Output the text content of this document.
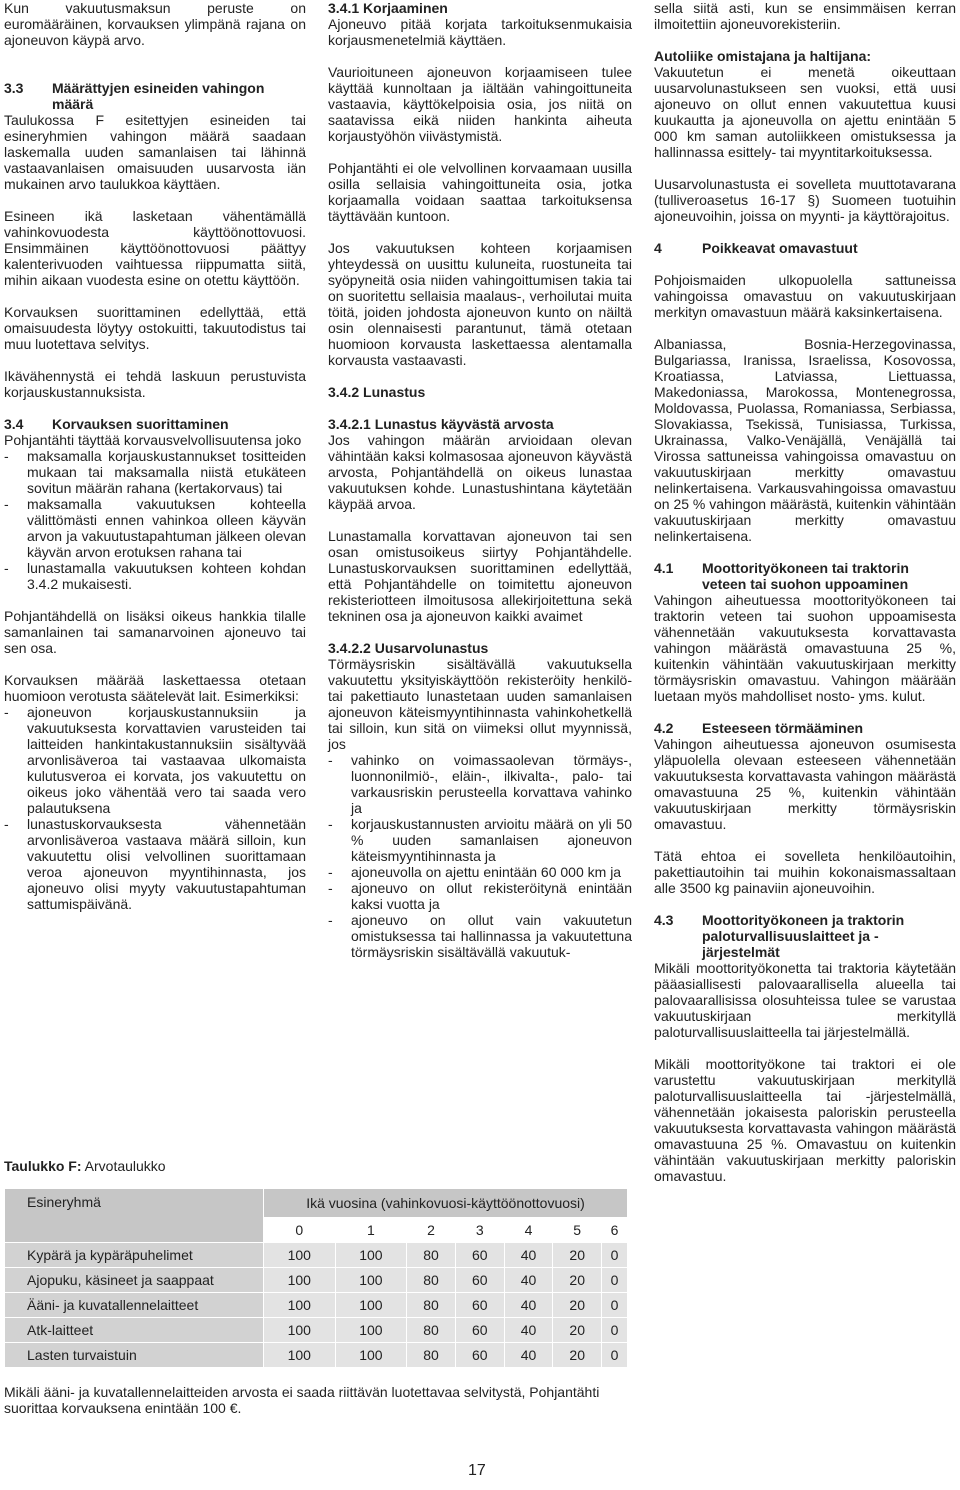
Kun vakuutusmaksun peruste on euromääräinen, korvauksen ylimpänä rajana on ajoneuvon käypä arvo.

3.3	Määrättyjen esineiden vahingon määrä

Taulukossa F esitettyjen esineiden tai esineryhmien vahingon määrä saadaan laskemalla uuden samanlaisen tai lähinnä vastaavanlaisen omaisuuden uusarvosta iän mukainen arvo taulukkoa käyttäen.

Esineen ikä lasketaan vähentämällä vahinkovuodesta käyttöönottovuosi. Ensimmäinen käyttöönottovuosi päättyy kalenterivuoden vaihtuessa riippumatta siitä, mihin aikaan vuodesta esine on otettu käyttöön.

Korvauksen suorittaminen edellyttää, että omaisuudesta löytyy ostokuitti, takuutodistus tai muu luotettava selvitys.

Ikävähennystä ei tehdä laskuun perustuvista korjauskustannuksista.

3.4	Korvauksen suorittaminen

Pohjantähti täyttää korvausvelvollisuutensa joko

- maksamalla korjauskustannukset tositteiden mukaan tai maksamalla niistä etukäteen sovitun määrän rahana (kertakorvaus) tai
- maksamalla vakuutuksen kohteella välittömästi ennen vahinkoa olleen käyvän arvon ja vakuutustapahtuman jälkeen olevan käyvän arvon erotuksen rahana tai
- lunastamalla vakuutuksen kohteen kohdan 3.4.2 mukaisesti.

Pohjantähdellä on lisäksi oikeus hankkia tilalle samanlainen tai samanarvoinen ajoneuvo tai sen osa.

Korvauksen määrää laskettaessa otetaan huomioon verotusta säätelevät lait. Esimerkiksi:

- ajoneuvon korjauskustannuksiin ja vakuutuksesta korvattavien varusteiden tai laitteiden hankintakustannuksiin sisältyvää arvonlisäveroa tai vastaavaa ulkomaista kulutusveroa ei korvata, jos vakuutettu on oikeus joko vähentää vero tai saada vero palautuksena
- lunastuskorvauksesta vähennetään arvonlisäveroa vastaava määrä silloin, kun vakuutettu olisi velvollinen suorittamaan veroa ajoneuvon myyntihinnasta, jos ajoneuvo olisi myyty vakuutustapahtuman sattumispäivänä.
3.4.1 Korjaaminen

Ajoneuvo pitää korjata tarkoituksenmukaisia korjausmenetelmiä käyttäen.

Vaurioituneen ajoneuvon korjaamiseen tulee käyttää kunnoltaan ja iältään vahingoittuneita vastaavia, käyttökelpoisia osia, jos niitä on saatavissa eikä niiden hankinta aiheuta korjaustyöhön viivästymistä.

Pohjantähti ei ole velvollinen korvaamaan uusilla osilla sellaisia vahingoittuneita osia, jotka korjaamalla voidaan saattaa tarkoituksensa täyttävään kuntoon.

Jos vakuutuksen kohteen korjaamisen yhteydessä on uusittu kuluneita, ruostuneita tai syöpyneitä osia niiden vahingoittumisen takia tai on suoritettu sellaisia maalaus-, verhoilutai muita töitä, joiden johdosta ajoneuvon kunto on näiltä osin olennaisesti parantunut, tämä otetaan huomioon korvausta laskettaessa alentamalla korvausta vastaavasti.

3.4.2 Lunastus
3.4.2.1 Lunastus käyvästä arvosta

Jos vahingon määrän arvioidaan olevan vähintään kaksi kolmasosaa ajoneuvon käyvästä arvosta, Pohjantähdellä on oikeus lunastaa vakuutuksen kohde. Lunastushintana käytetään käypää arvoa.

Lunastamalla korvattavan ajoneuvon tai sen osan omistusoikeus siirtyy Pohjantähdelle. Lunastuskorvauksen suorittaminen edellyttää, että Pohjantähdelle on toimitettu ajoneuvon rekisteriotteen ilmoitusosa allekirjoitettuna sekä tekninen osa ja ajoneuvon kaikki avaimet

3.4.2.2 Uusarvolunastus

Törmäysriskin sisältävällä vakuutuksella vakuutettu yksityiskäyttöön rekisteröity henkilö- tai pakettiauto lunastetaan uuden samanlaisen ajoneuvon käteismyyntihinnasta vahinkohetkellä tai silloin, kun sitä on viimeksi ollut myynnissä, jos

- vahinko on voimassaolevan törmäys-, luonnonilmiö-, eläin-, ilkivalta-, palo- tai varkausriskin perusteella korvattava vahinko ja
- korjauskustannusten arvioitu määrä on yli 50 % uuden samanlaisen ajoneuvon käteismyyntihinnasta ja
- ajoneuvolla on ajettu enintään 60 000 km ja
- ajoneuvo on ollut rekisteröitynä enintään kaksi vuotta ja
- ajoneuvo on ollut vain vakuutetun omistuksessa tai hallinnassa ja vakuutettuna törmäysriskin sisältävällä vakuutuk-

sella siitä asti, kun se ensimmäisen kerran ilmoitettiin ajoneuvorekisteriin.

Autoliike omistajana ja haltijana:

Vakuutetun ei menetä oikeuttaan uusarvolunastukseen sen vuoksi, että uusi ajoneuvo on ollut ennen vakuutettua kuusi kuukautta ja ajoneuvolla on ajettu enintään 5 000 km saman autoliikkeen omistuksessa ja hallinnassa esittely- tai myyntitarkoituksessa.

Uusarvolunastusta ei sovelleta muuttotavarana (tulliveroasetus 16-17 §) Suomeen tuotuihin ajoneuvoihin, joissa on myynti- ja käyttörajoitus.

4	Poikkeavat omavastuut

Pohjoismaiden ulkopuolella sattuneissa vahingoissa omavastuu on vakuutuskirjaan merkityn omavastuun määrä kaksinkertaisena.

Albaniassa, Bosnia-Herzegovinassa, Bulgariassa, Iranissa, Israelissa, Kosovossa, Kroatiassa, Latviassa, Liettuassa, Makedoniassa, Marokossa, Montenegrossa, Moldovassa, Puolassa, Romaniassa, Serbiassa, Slovakiassa, Tsekissä, Tunisiassa, Turkissa, Ukrainassa, Valko-Venäjällä, Venäjällä tai Virossa sattuneissa vahingoissa omavastuu on vakuutuskirjaan merkitty omavastuu nelinkertaisena. Varkausvahingoissa omavastuu on 25 % vahingon määrästä, kuitenkin vähintään vakuutuskirjaan merkitty omavastuu nelinkertaisena.

4.1	Moottorityökoneen tai traktorin veteen tai suohon uppoaminen

Vahingon aiheutuessa moottorityökoneen tai traktorin veteen tai suohon uppoamisesta vähennetään vakuutuksesta korvattavasta vahingon määrästä omavastuuna 25 %, kuitenkin vähintään vakuutuskirjaan merkitty törmäysriskin omavastuu. Vahingon määrään luetaan myös mahdolliset nosto- yms. kulut.

4.2	Esteeseen törmääminen

Vahingon aiheutuessa ajoneuvon osumisesta yläpuolella olevaan esteeseen vähennetään vakuutuksesta korvattavasta vahingon määrästä omavastuuna 25 %, kuitenkin vähintään vakuutuskirjaan merkitty törmäysriskin omavastuu.

Tätä ehtoa ei sovelleta henkilöautoihin, pakettiautoihin tai muihin kokonaismassaltaan alle 3500 kg painaviin ajoneuvoihin.

4.3	Moottorityökoneen ja traktorin paloturvallisuuslaitteet ja -järjestelmät

Mikäli moottorityökonetta tai traktoria käytetään pääasiallisesti palovaarallisella alueella tai palovaarallisissa olosuhteissa tulee se varustaa vakuutuskirjaan merkityllä paloturvallisuuslaitteella tai järjestelmällä.

Mikäli moottorityökone tai traktori ei ole varustettu vakuutuskirjaan merkityllä paloturvallisuuslaitteella tai -järjestelmällä, vähennetään jokaisesta paloriskin perusteella vakuutuksesta korvattavasta vahingon määrästä omavastuuna 25 %. Omavastuu on kuitenkin vähintään vakuutuskirjaan merkitty paloriskin omavastuu.

Taulukko F: Arvotaulukko
Esineryhmä	Ikä vuosina (vahinkovuosi-käyttöönottovuosi)						
	0	1	2	3	4	5	6
Kypärä ja kypäräpuhelimet	100	100	80	60	40	20	0
Ajopuku, käsineet ja saappaat	100	100	80	60	40	20	0
Ääni- ja kuvatallennelaitteet	100	100	80	60	40	20	0
Atk-laitteet	100	100	80	60	40	20	0
Lasten turvaistuin	100	100	80	60	40	20	0
Mikäli ääni- ja kuvatallennelaitteiden arvosta ei saada riittävän luotettavaa selvitystä, Pohjantähti suorittaa korvauksena enintään 100 €.
17
